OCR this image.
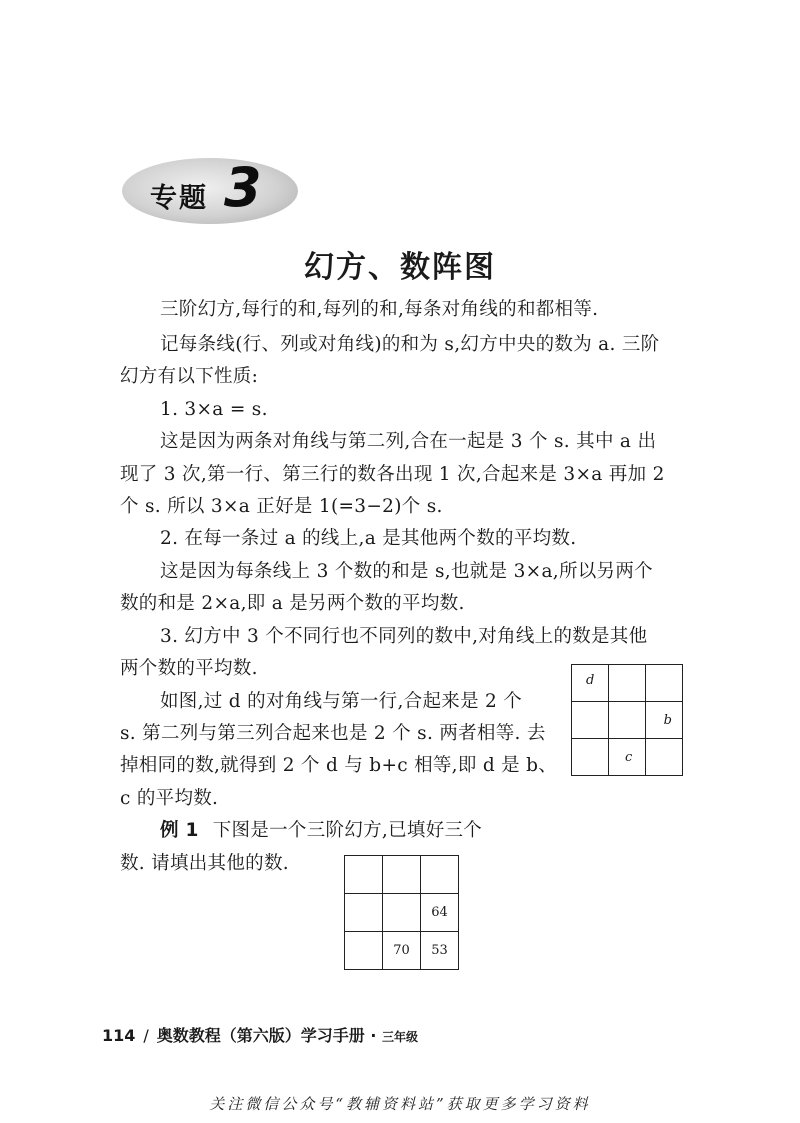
专题 3
幻方、数阵图
三阶幻方,每行的和,每列的和,每条对角线的和都相等.
记每条线(行、列或对角线)的和为 s,幻方中央的数为 a. 三阶
幻方有以下性质:
1. 3×a = s.
这是因为两条对角线与第二列,合在一起是 3 个 s. 其中 a 出
现了 3 次,第一行、第三行的数各出现 1 次,合起来是 3×a 再加 2
个 s. 所以 3×a 正好是 1(=3−2)个 s.
2. 在每一条过 a 的线上,a 是其他两个数的平均数.
这是因为每条线上 3 个数的和是 s,也就是 3×a,所以另两个
数的和是 2×a,即 a 是另两个数的平均数.
3. 幻方中 3 个不同行也不同列的数中,对角线上的数是其他
两个数的平均数.
如图,过 d 的对角线与第一行,合起来是 2 个
s. 第二列与第三列合起来也是 2 个 s. 两者相等. 去
掉相同的数,就得到 2 个 d 与 b+c 相等,即 d 是 b、
c 的平均数.
例 1 下图是一个三阶幻方,已填好三个
数. 请填出其他的数.
d		
		b
	c	

		64
	70	53
114 / 奥数教程（第六版）学习手册 · 三年级
关注微信公众号“教辅资料站”获取更多学习资料
